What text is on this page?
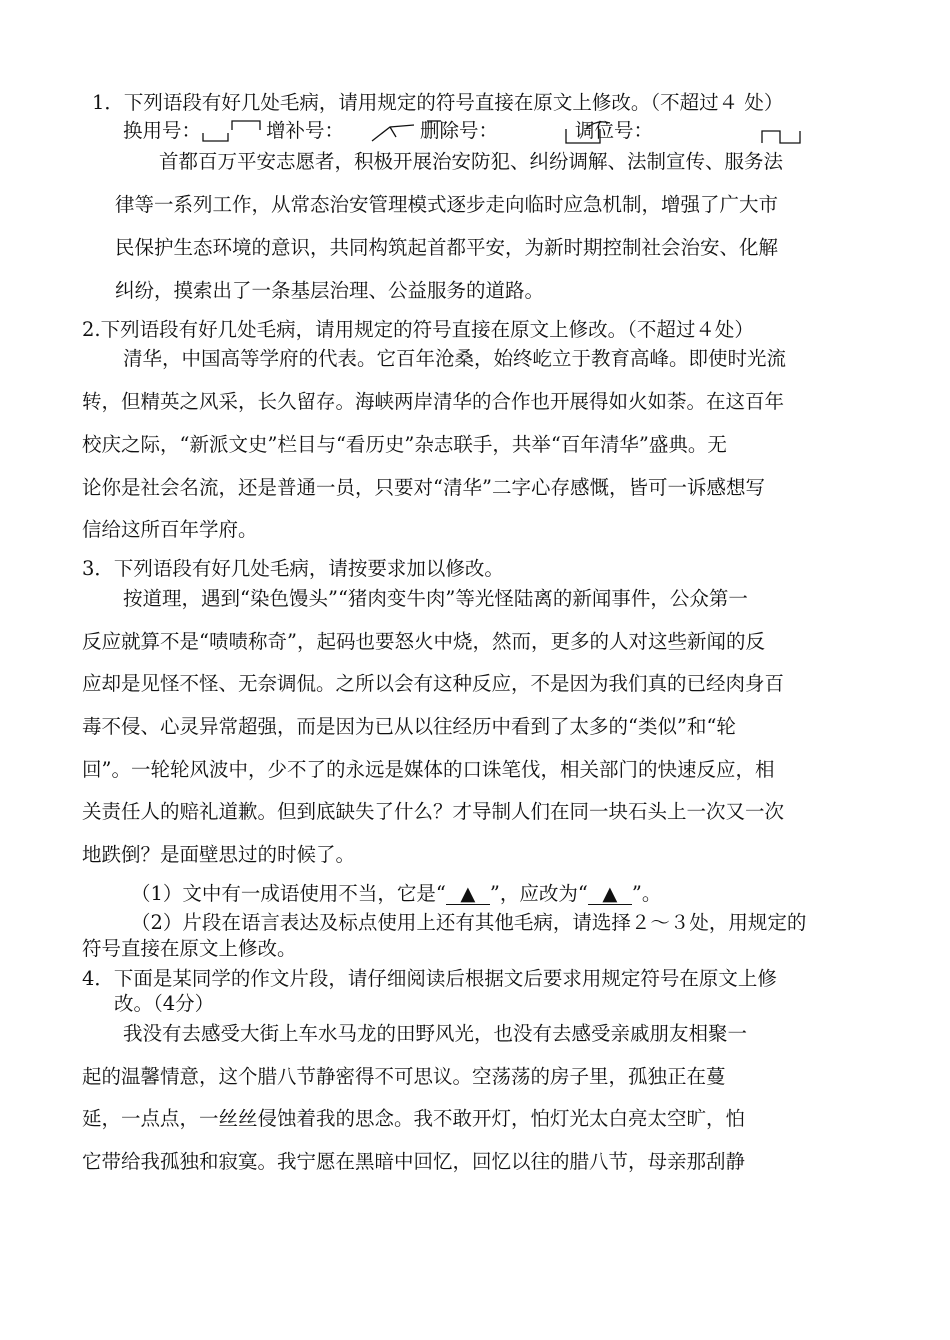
1．下列语段有好几处毛病，请用规定的符号直接在原文上修改。（不超过４ 处）
换用号：	增补号：	删除号：	调位号：
首都百万平安志愿者，积极开展治安防犯、纠纷调解、法制宣传、服务法
律等一系列工作，从常态治安管理模式逐步走向临时应急机制，增强了广大市
民保护生态环境的意识，共同构筑起首都平安，为新时期控制社会治安、化解
纠纷，摸索出了一条基层治理、公益服务的道路。
2.下列语段有好几处毛病，请用规定的符号直接在原文上修改。（不超过４处）
清华，中国高等学府的代表。它百年沧桑，始终屹立于教育高峰。即使时光流
转，但精英之风采，长久留存。海峡两岸清华的合作也开展得如火如荼。在这百年
校庆之际，“新派文史”栏目与“看历史”杂志联手，共举“百年清华”盛典。无
论你是社会名流，还是普通一员，只要对“清华”二字心存感慨，皆可一诉感想写
信给这所百年学府。
3．下列语段有好几处毛病，请按要求加以修改。
按道理，遇到“染色馒头”“猪肉变牛肉”等光怪陆离的新闻事件，公众第一
反应就算不是“啧啧称奇”，起码也要怒火中烧，然而，更多的人对这些新闻的反
应却是见怪不怪、无奈调侃。之所以会有这种反应，不是因为我们真的已经肉身百
毒不侵、心灵异常超强，而是因为已从以往经历中看到了太多的“类似”和“轮
回”。一轮轮风波中，少不了的永远是媒体的口诛笔伐，相关部门的快速反应，相
关责任人的赔礼道歉。但到底缺失了什么？才导制人们在同一块石头上一次又一次
地跌倒？是面壁思过的时候了。
（1）文中有一成语使用不当，它是“ ▲ ”，应改为“ ▲ ”。
（2）片段在语言表达及标点使用上还有其他毛病，请选择２～３处，用规定的
符号直接在原文上修改。
4．下面是某同学的作文片段，请仔细阅读后根据文后要求用规定符号在原文上修
改。（4分）
我没有去感受大街上车水马龙的田野风光，也没有去感受亲戚朋友相聚一
起的温馨情意，这个腊八节静密得不可思议。空荡荡的房子里，孤独正在蔓
延，一点点，一丝丝侵蚀着我的思念。我不敢开灯，怕灯光太白亮太空旷，怕
它带给我孤独和寂寞。我宁愿在黑暗中回忆，回忆以往的腊八节，母亲那刮静
